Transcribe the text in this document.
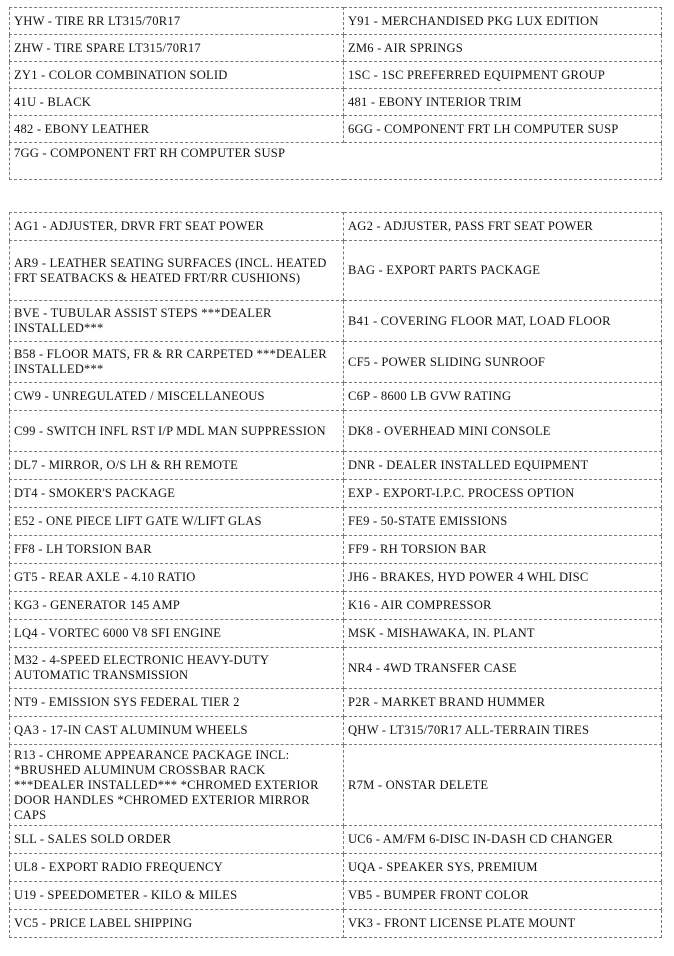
YHW - TIRE RR LT315/70R17	Y91 - MERCHANDISED PKG LUX EDITION
ZHW - TIRE SPARE LT315/70R17	ZM6 - AIR SPRINGS
ZY1 - COLOR COMBINATION SOLID	1SC - 1SC PREFERRED EQUIPMENT GROUP
41U - BLACK	481 - EBONY INTERIOR TRIM
482 - EBONY LEATHER	6GG - COMPONENT FRT LH COMPUTER SUSP
7GG - COMPONENT FRT RH COMPUTER SUSP	
AG1 - ADJUSTER, DRVR FRT SEAT POWER	AG2 - ADJUSTER, PASS FRT SEAT POWER
AR9 - LEATHER SEATING SURFACES (INCL. HEATED FRT SEATBACKS & HEATED FRT/RR CUSHIONS)	BAG - EXPORT PARTS PACKAGE
BVE - TUBULAR ASSIST STEPS ***DEALER INSTALLED***	B41 - COVERING FLOOR MAT, LOAD FLOOR
B58 - FLOOR MATS, FR & RR CARPETED ***DEALER INSTALLED***	CF5 - POWER SLIDING SUNROOF
CW9 - UNREGULATED / MISCELLANEOUS	C6P - 8600 LB GVW RATING
C99 - SWITCH INFL RST I/P MDL MAN SUPPRESSION	DK8 - OVERHEAD MINI CONSOLE
DL7 - MIRROR, O/S LH & RH REMOTE	DNR - DEALER INSTALLED EQUIPMENT
DT4 - SMOKER'S PACKAGE	EXP - EXPORT-I.P.C. PROCESS OPTION
E52 - ONE PIECE LIFT GATE W/LIFT GLAS	FE9 - 50-STATE EMISSIONS
FF8 - LH TORSION BAR	FF9 - RH TORSION BAR
GT5 - REAR AXLE - 4.10 RATIO	JH6 - BRAKES, HYD POWER 4 WHL DISC
KG3 - GENERATOR 145 AMP	K16 - AIR COMPRESSOR
LQ4 - VORTEC 6000 V8 SFI ENGINE	MSK - MISHAWAKA, IN. PLANT
M32 - 4-SPEED ELECTRONIC HEAVY-DUTY AUTOMATIC TRANSMISSION	NR4 - 4WD TRANSFER CASE
NT9 - EMISSION SYS FEDERAL TIER 2	P2R - MARKET BRAND HUMMER
QA3 - 17-IN CAST ALUMINUM WHEELS	QHW - LT315/70R17 ALL-TERRAIN TIRES
R13 - CHROME APPEARANCE PACKAGE INCL: *BRUSHED ALUMINUM CROSSBAR RACK ***DEALER INSTALLED*** *CHROMED EXTERIOR DOOR HANDLES *CHROMED EXTERIOR MIRROR CAPS	R7M - ONSTAR DELETE
SLL - SALES SOLD ORDER	UC6 - AM/FM 6-DISC IN-DASH CD CHANGER
UL8 - EXPORT RADIO FREQUENCY	UQA - SPEAKER SYS, PREMIUM
U19 - SPEEDOMETER - KILO & MILES	VB5 - BUMPER FRONT COLOR
VC5 - PRICE LABEL SHIPPING	VK3 - FRONT LICENSE PLATE MOUNT
